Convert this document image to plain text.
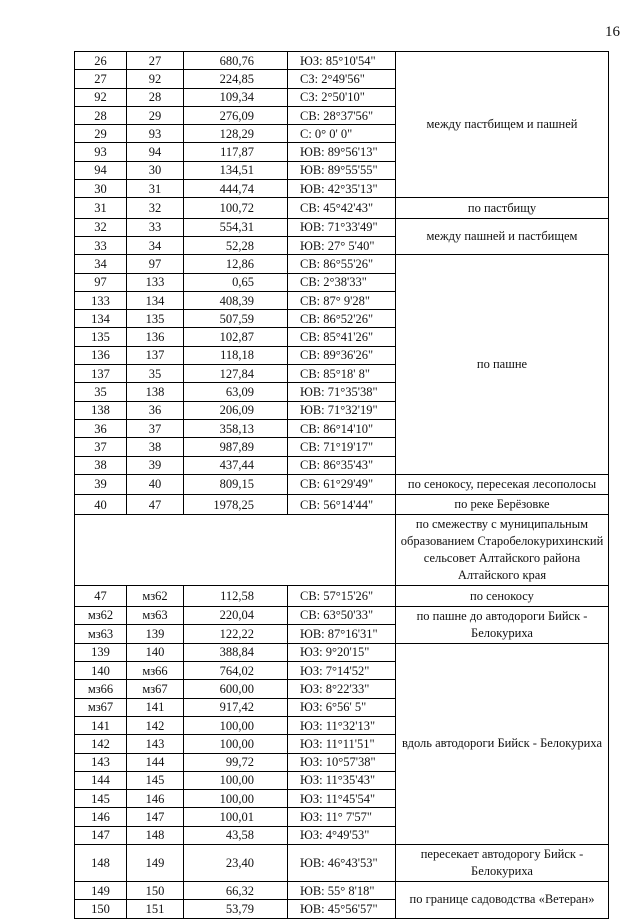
16
26	27	680,76	ЮЗ: 85°10'54"	между пастбищем и пашней
27	92	224,85	СЗ: 2°49'56"	
92	28	109,34	СЗ: 2°50'10"	
28	29	276,09	СВ: 28°37'56"	
29	93	128,29	С: 0° 0' 0"	
93	94	117,87	ЮВ: 89°56'13"	
94	30	134,51	ЮВ: 89°55'55"	
30	31	444,74	ЮВ: 42°35'13"	
31	32	100,72	СВ: 45°42'43"	по пастбищу
32	33	554,31	ЮВ: 71°33'49"	между пашней и пастбищем
33	34	52,28	ЮВ: 27° 5'40"	
34	97	12,86	СВ: 86°55'26"	по пашне
97	133	0,65	СВ: 2°38'33"	
133	134	408,39	СВ: 87° 9'28"	
134	135	507,59	СВ: 86°52'26"	
135	136	102,87	СВ: 85°41'26"	
136	137	118,18	СВ: 89°36'26"	
137	35	127,84	СВ: 85°18' 8"	
35	138	63,09	ЮВ: 71°35'38"	
138	36	206,09	ЮВ: 71°32'19"	
36	37	358,13	СВ: 86°14'10"	
37	38	987,89	СВ: 71°19'17"	
38	39	437,44	СВ: 86°35'43"	
39	40	809,15	СВ: 61°29'49"	по сенокосу, пересекая лесополосы
40	47	1978,25	СВ: 56°14'44"	по реке Берёзовке
				по смежеству с муниципальным образованием Старобелокурихинский сельсовет Алтайского района Алтайского края
47	мз62	112,58	СВ: 57°15'26"	по сенокосу
мз62	мз63	220,04	СВ: 63°50'33"	по пашне до автодороги Бийск - Белокуриха
мз63	139	122,22	ЮВ: 87°16'31"	
139	140	388,84	ЮЗ: 9°20'15"	вдоль автодороги Бийск - Белокуриха
140	мз66	764,02	ЮЗ: 7°14'52"	
мз66	мз67	600,00	ЮЗ: 8°22'33"	
мз67	141	917,42	ЮЗ: 6°56' 5"	
141	142	100,00	ЮЗ: 11°32'13"	
142	143	100,00	ЮЗ: 11°11'51"	
143	144	99,72	ЮЗ: 10°57'38"	
144	145	100,00	ЮЗ: 11°35'43"	
145	146	100,00	ЮЗ: 11°45'54"	
146	147	100,01	ЮЗ: 11° 7'57"	
147	148	43,58	ЮЗ: 4°49'53"	
148	149	23,40	ЮВ: 46°43'53"	пересекает автодорогу Бийск - Белокуриха
149	150	66,32	ЮВ: 55° 8'18"	по границе садоводства «Ветеран»
150	151	53,79	ЮВ: 45°56'57"	
